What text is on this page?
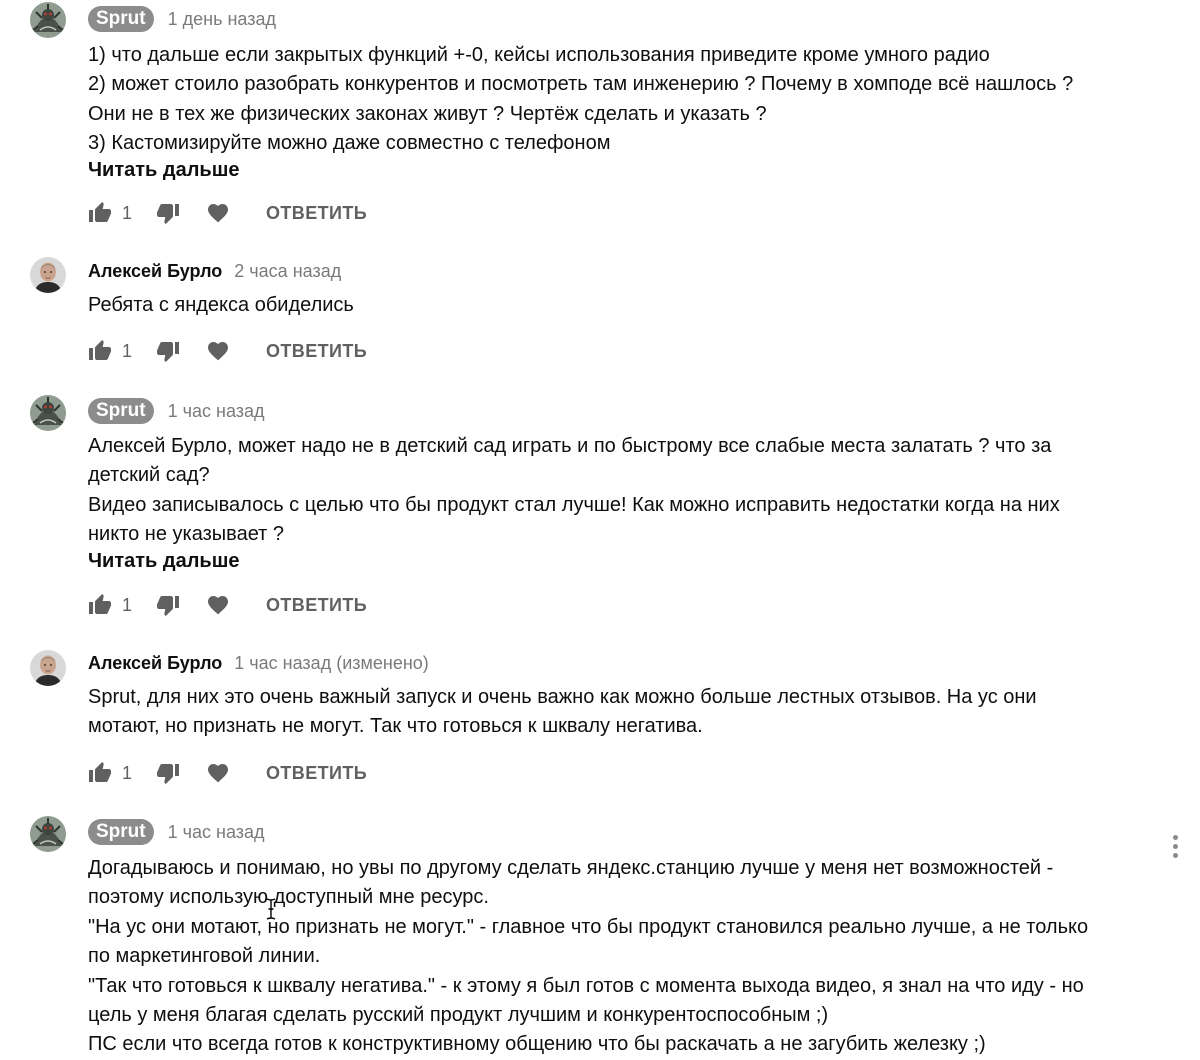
Sprut	1 день назад
1) что дальше если закрытых функций +-0, кейсы использования приведите кроме умного радио
2) может стоило разобрать конкурентов и посмотреть там инженерию ? Почему в хомподе всё нашлось ?
Они не в тех же физических законах живут ? Чертёж сделать и указать ?
3) Кастомизируйте можно даже совместно с телефоном
Читать дальше
1	ОТВЕТИТЬ
Алексей Бурло 2 часа назад
Ребята с яндекса обиделись
1	ОТВЕТИТЬ
Sprut	1 час назад
Алексей Бурло, может надо не в детский сад играть и по быстрому все слабые места залатать ? что за
детский сад?
Видео записывалось с целью что бы продукт стал лучше! Как можно исправить недостатки когда на них
никто не указывает ?
Читать дальше
1	ОТВЕТИТЬ
Алексей Бурло 1 час назад (изменено)
Sprut, для них это очень важный запуск и очень важно как можно больше лестных отзывов. На ус они
мотают, но признать не могут. Так что готовься к шквалу негатива.
1	ОТВЕТИТЬ
Sprut	1 час назад
Догадываюсь и понимаю, но увы по другому сделать яндекс.станцию лучше у меня нет возможностей -
поэтому использую доступный мне ресурс.
"На ус они мотают, но признать не могут." - главное что бы продукт становился реально лучше, а не только
по маркетинговой линии.
"Так что готовься к шквалу негатива." - к этому я был готов с момента выхода видео, я знал на что иду - но
цель у меня благая сделать русский продукт лучшим и конкурентоспособным ;)
ПС если что всегда готов к конструктивному общению что бы раскачать а не загубить железку ;)
